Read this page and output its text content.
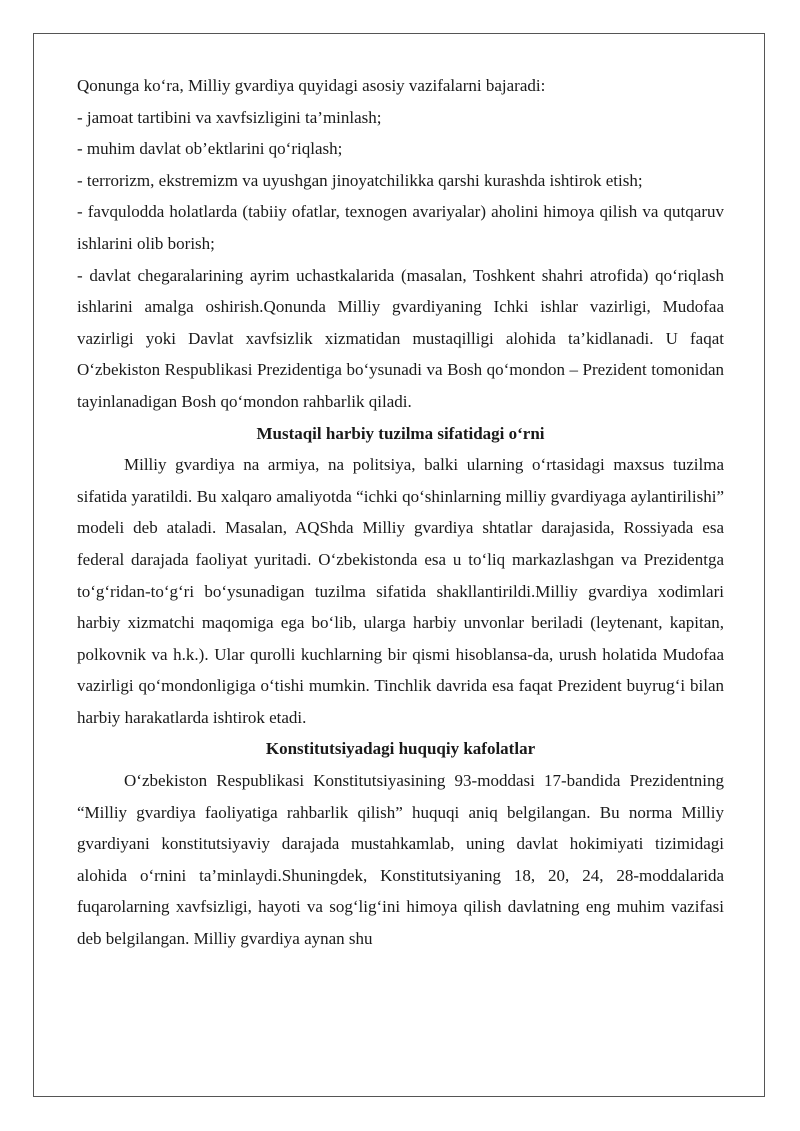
Qonunga ko‘ra, Milliy gvardiya quyidagi asosiy vazifalarni bajaradi:

- jamoat tartibini va xavfsizligini ta’minlash;

- muhim davlat ob’ektlarini qo‘riqlash;

- terrorizm, ekstremizm va uyushgan jinoyatchilikka qarshi kurashda ishtirok etish;

- favqulodda holatlarda (tabiiy ofatlar, texnogen avariyalar) aholini himoya qilish va qutqaruv ishlarini olib borish;

- davlat chegaralarining ayrim uchastkalarida (masalan, Toshkent shahri atrofida) qo‘riqlash ishlarini amalga oshirish.Qonunda Milliy gvardiyaning Ichki ishlar vazirligi, Mudofaa vazirligi yoki Davlat xavfsizlik xizmatidan mustaqilligi alohida ta’kidlanadi. U faqat O‘zbekiston Respublikasi Prezidentiga bo‘ysunadi va Bosh qo‘mondon – Prezident tomonidan tayinlanadigan Bosh qo‘mondon rahbarlik qiladi.

Mustaqil harbiy tuzilma sifatidagi o‘rni

Milliy gvardiya na armiya, na politsiya, balki ularning o‘rtasidagi maxsus tuzilma sifatida yaratildi. Bu xalqaro amaliyotda “ichki qo‘shinlarning milliy gvardiyaga aylantirilishi” modeli deb ataladi. Masalan, AQShda Milliy gvardiya shtatlar darajasida, Rossiyada esa federal darajada faoliyat yuritadi. O‘zbekistonda esa u to‘liq markazlashgan va Prezidentga to‘g‘ridan-to‘g‘ri bo‘ysunadigan tuzilma sifatida shakllantirildi.Milliy gvardiya xodimlari harbiy xizmatchi maqomiga ega bo‘lib, ularga harbiy unvonlar beriladi (leytenant, kapitan, polkovnik va h.k.). Ular qurolli kuchlarning bir qismi hisoblansa-da, urush holatida Mudofaa vazirligi qo‘mondonligiga o‘tishi mumkin. Tinchlik davrida esa faqat Prezident buyrug‘i bilan harbiy harakatlarda ishtirok etadi.

Konstitutsiyadagi huquqiy kafolatlar

O‘zbekiston Respublikasi Konstitutsiyasining 93-moddasi 17-bandida Prezidentning “Milliy gvardiya faoliyatiga rahbarlik qilish” huquqi aniq belgilangan. Bu norma Milliy gvardiyani konstitutsiyaviy darajada mustahkamlab, uning davlat hokimiyati tizimidagi alohida o‘rnini ta’minlaydi.Shuningdek, Konstitutsiyaning 18, 20, 24, 28-moddalarida fuqarolarning xavfsizligi, hayoti va sog‘lig‘ini himoya qilish davlatning eng muhim vazifasi deb belgilangan. Milliy gvardiya aynan shu
